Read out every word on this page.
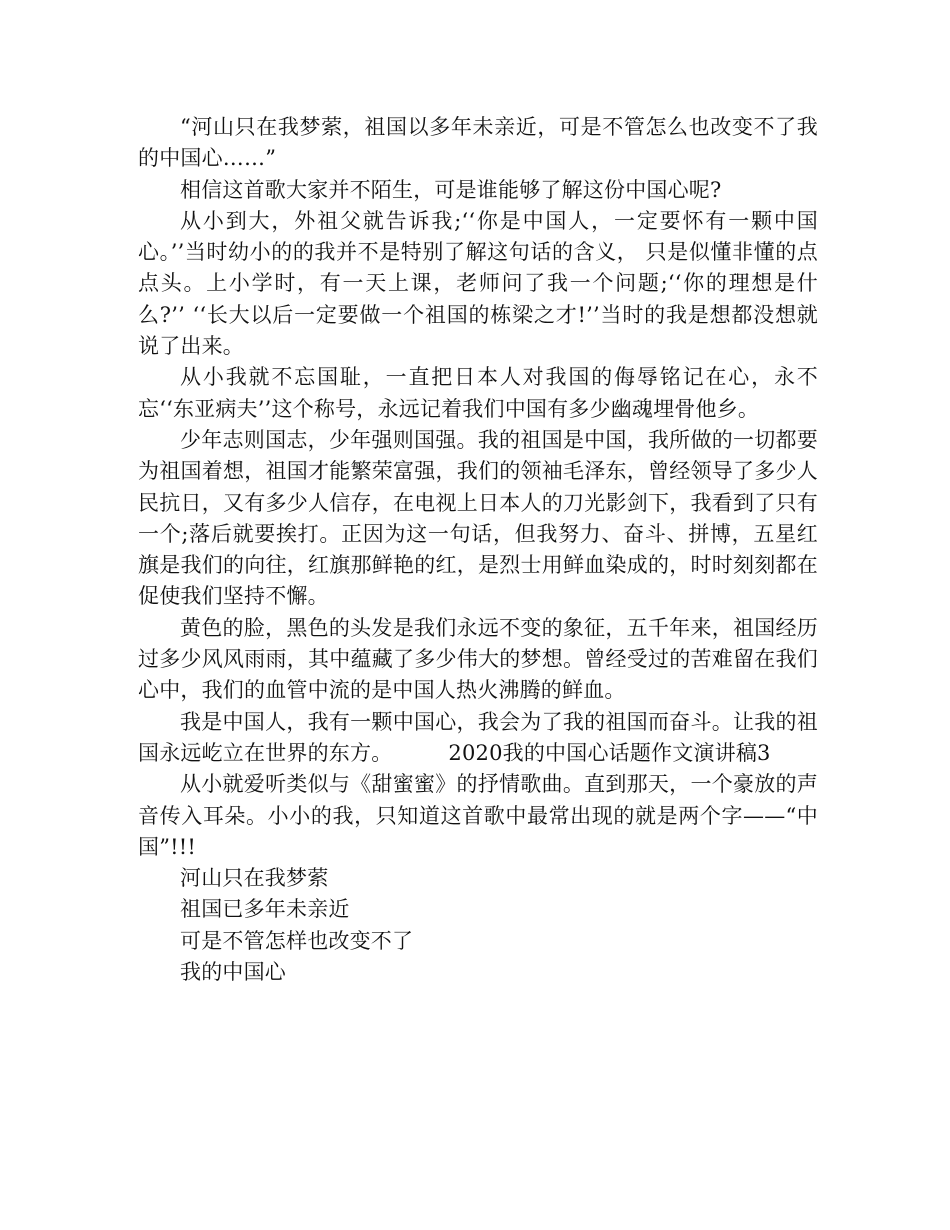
“河山只在我梦萦，祖国以多年未亲近，可是不管怎么也改变不了我的中国心……”

相信这首歌大家并不陌生，可是谁能够了解这份中国心呢?

从小到大，外祖父就告诉我;‘‘你是中国人，一定要怀有一颗中国心。’’当时幼小的的我并不是特别了解这句话的含义， 只是似懂非懂的点点头。上小学时，有一天上课，老师问了我一个问题;‘‘你的理想是什么?’’ ‘‘长大以后一定要做一个祖国的栋梁之才!’’当时的我是想都没想就说了出来。

从小我就不忘国耻，一直把日本人对我国的侮辱铭记在心，永不忘‘‘东亚病夫’’这个称号，永远记着我们中国有多少幽魂埋骨他乡。

少年志则国志，少年强则国强。我的祖国是中国，我所做的一切都要为祖国着想，祖国才能繁荣富强，我们的领袖毛泽东，曾经领导了多少人民抗日，又有多少人信存，在电视上日本人的刀光影剑下，我看到了只有一个;落后就要挨打。正因为这一句话，但我努力、奋斗、拼博，五星红旗是我们的向往，红旗那鲜艳的红，是烈士用鲜血染成的，时时刻刻都在促使我们坚持不懈。

黄色的脸，黑色的头发是我们永远不变的象征，五千年来，祖国经历过多少风风雨雨，其中蕴藏了多少伟大的梦想。曾经受过的苦难留在我们心中，我们的血管中流的是中国人热火沸腾的鲜血。

我是中国人，我有一颗中国心，我会为了我的祖国而奋斗。让我的祖国永远屹立在世界的东方。	2020我的中国心话题作文演讲稿3

从小就爱听类似与《甜蜜蜜》的抒情歌曲。直到那天，一个豪放的声音传入耳朵。小小的我，只知道这首歌中最常出现的就是两个字——“中国”!!!

河山只在我梦萦

祖国已多年未亲近

可是不管怎样也改变不了

我的中国心
